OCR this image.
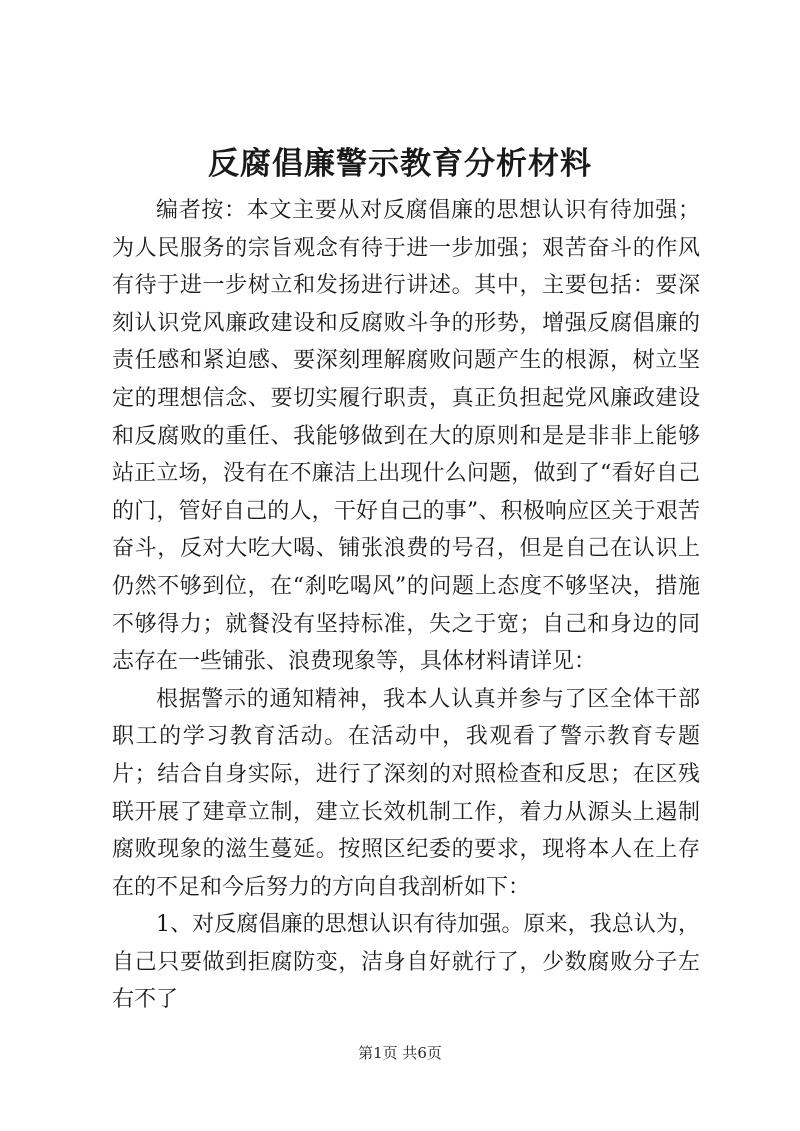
反腐倡廉警示教育分析材料

编者按：本文主要从对反腐倡廉的思想认识有待加强；为人民服务的宗旨观念有待于进一步加强；艰苦奋斗的作风有待于进一步树立和发扬进行讲述。其中，主要包括：要深刻认识党风廉政建设和反腐败斗争的形势，增强反腐倡廉的责任感和紧迫感、要深刻理解腐败问题产生的根源，树立坚定的理想信念、要切实履行职责，真正负担起党风廉政建设和反腐败的重任、我能够做到在大的原则和是是非非上能够站正立场，没有在不廉洁上出现什么问题，做到了“看好自己的门，管好自己的人，干好自己的事”、积极响应区关于艰苦奋斗，反对大吃大喝、铺张浪费的号召，但是自己在认识上仍然不够到位，在“刹吃喝风”的问题上态度不够坚决，措施不够得力；就餐没有坚持标准，失之于宽；自己和身边的同志存在一些铺张、浪费现象等，具体材料请详见：

根据警示的通知精神，我本人认真并参与了区全体干部职工的学习教育活动。在活动中，我观看了警示教育专题片；结合自身实际，进行了深刻的对照检查和反思；在区残联开展了建章立制，建立长效机制工作，着力从源头上遏制腐败现象的滋生蔓延。按照区纪委的要求，现将本人在上存在的不足和今后努力的方向自我剖析如下：

1、对反腐倡廉的思想认识有待加强。原来，我总认为，自己只要做到拒腐防变，洁身自好就行了，少数腐败分子左右不了

第1页 共6页
